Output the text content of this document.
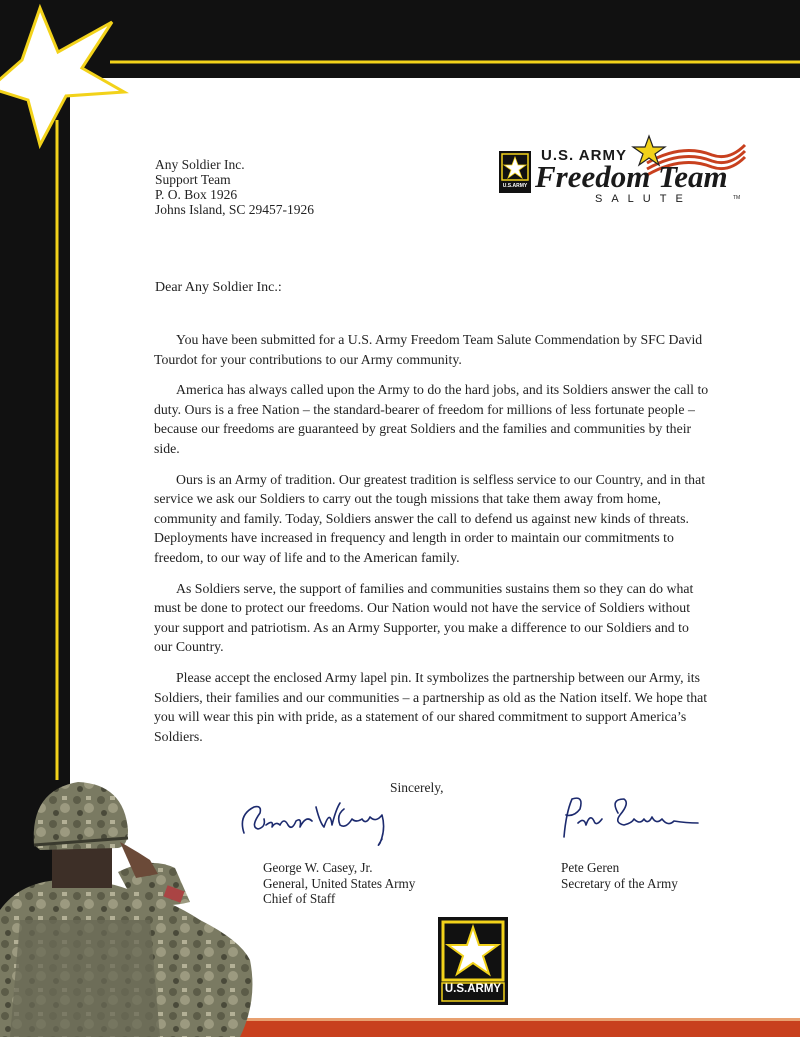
Any Soldier Inc.
Support Team
P. O. Box 1926
Johns Island, SC 29457-1926
U.S. ARMY
Freedom Team
SALUTE
U.S.ARMY
TM
Dear Any Soldier Inc.:

You have been submitted for a U.S. Army Freedom Team Salute Commendation by SFC David Tourdot for your contributions to our Army community.

America has always called upon the Army to do the hard jobs, and its Soldiers answer the call to duty. Ours is a free Nation – the standard-bearer of freedom for millions of less fortunate people – because our freedoms are guaranteed by great Soldiers and the families and communities by their side.

Ours is an Army of tradition. Our greatest tradition is selfless service to our Country, and in that service we ask our Soldiers to carry out the tough missions that take them away from home, community and family. Today, Soldiers answer the call to defend us against new kinds of threats. Deployments have increased in frequency and length in order to maintain our commitments to freedom, to our way of life and to the American family.

As Soldiers serve, the support of families and communities sustains them so they can do what must be done to protect our freedoms. Our Nation would not have the service of Soldiers without your support and patriotism. As an Army Supporter, you make a difference to our Soldiers and to our Country.

Please accept the enclosed Army lapel pin. It symbolizes the partnership between our Army, its Soldiers, their families and our communities – a partnership as old as the Nation itself. We hope that you will wear this pin with pride, as a statement of our shared commitment to support America’s Soldiers.

Sincerely,
George W. Casey, Jr.
General, United States Army
Chief of Staff
Pete Geren
Secretary of the Army
U.S.ARMY
